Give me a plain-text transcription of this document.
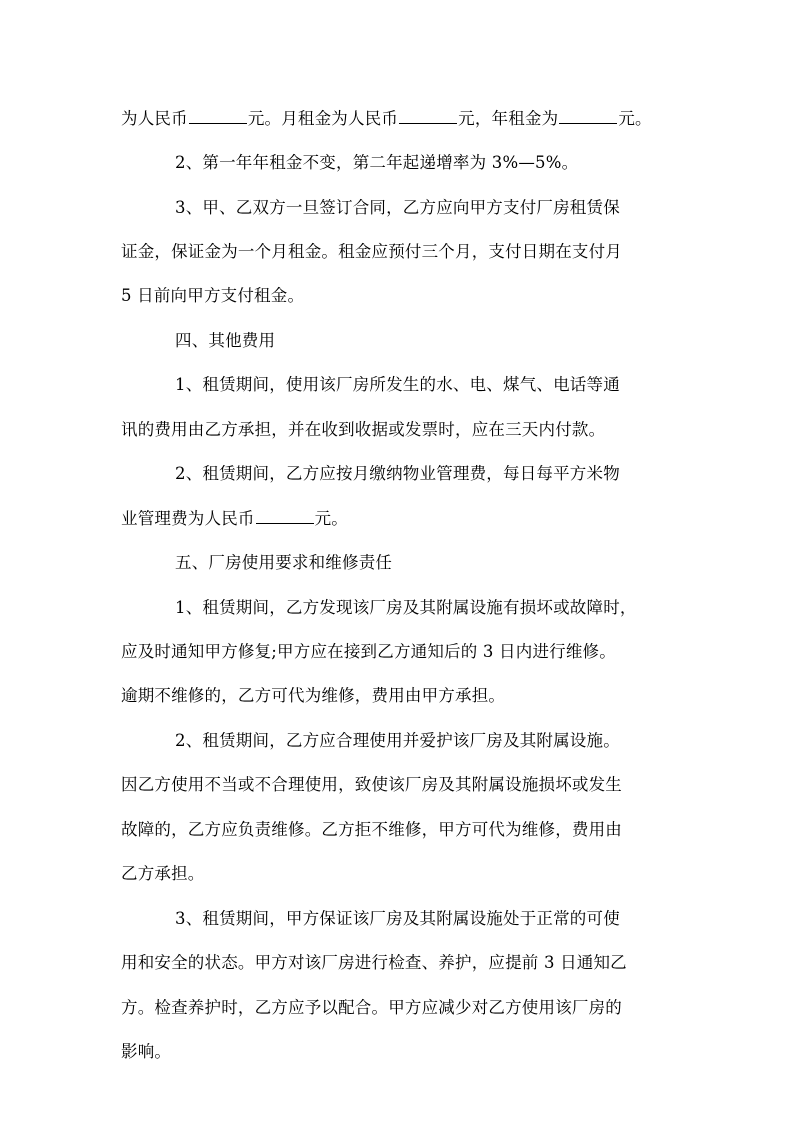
为人民币	元。月租金为人民币	元，年租金为	元。
2、第一年年租金不变，第二年起递增率为 3%—5%。
3、甲、乙双方一旦签订合同，乙方应向甲方支付厂房租赁保
证金，保证金为一个月租金。租金应预付三个月，支付日期在支付月
5 日前向甲方支付租金。
四、其他费用
1、租赁期间，使用该厂房所发生的水、电、煤气、电话等通
讯的费用由乙方承担，并在收到收据或发票时，应在三天内付款。
2、租赁期间，乙方应按月缴纳物业管理费，每日每平方米物
业管理费为人民币	元。
五、厂房使用要求和维修责任
1、租赁期间，乙方发现该厂房及其附属设施有损坏或故障时，
应及时通知甲方修复;甲方应在接到乙方通知后的 3 日内进行维修。
逾期不维修的，乙方可代为维修，费用由甲方承担。
2、租赁期间，乙方应合理使用并爱护该厂房及其附属设施。
因乙方使用不当或不合理使用，致使该厂房及其附属设施损坏或发生
故障的，乙方应负责维修。乙方拒不维修，甲方可代为维修，费用由
乙方承担。
3、租赁期间，甲方保证该厂房及其附属设施处于正常的可使
用和安全的状态。甲方对该厂房进行检查、养护，应提前 3 日通知乙
方。检查养护时，乙方应予以配合。甲方应减少对乙方使用该厂房的
影响。
